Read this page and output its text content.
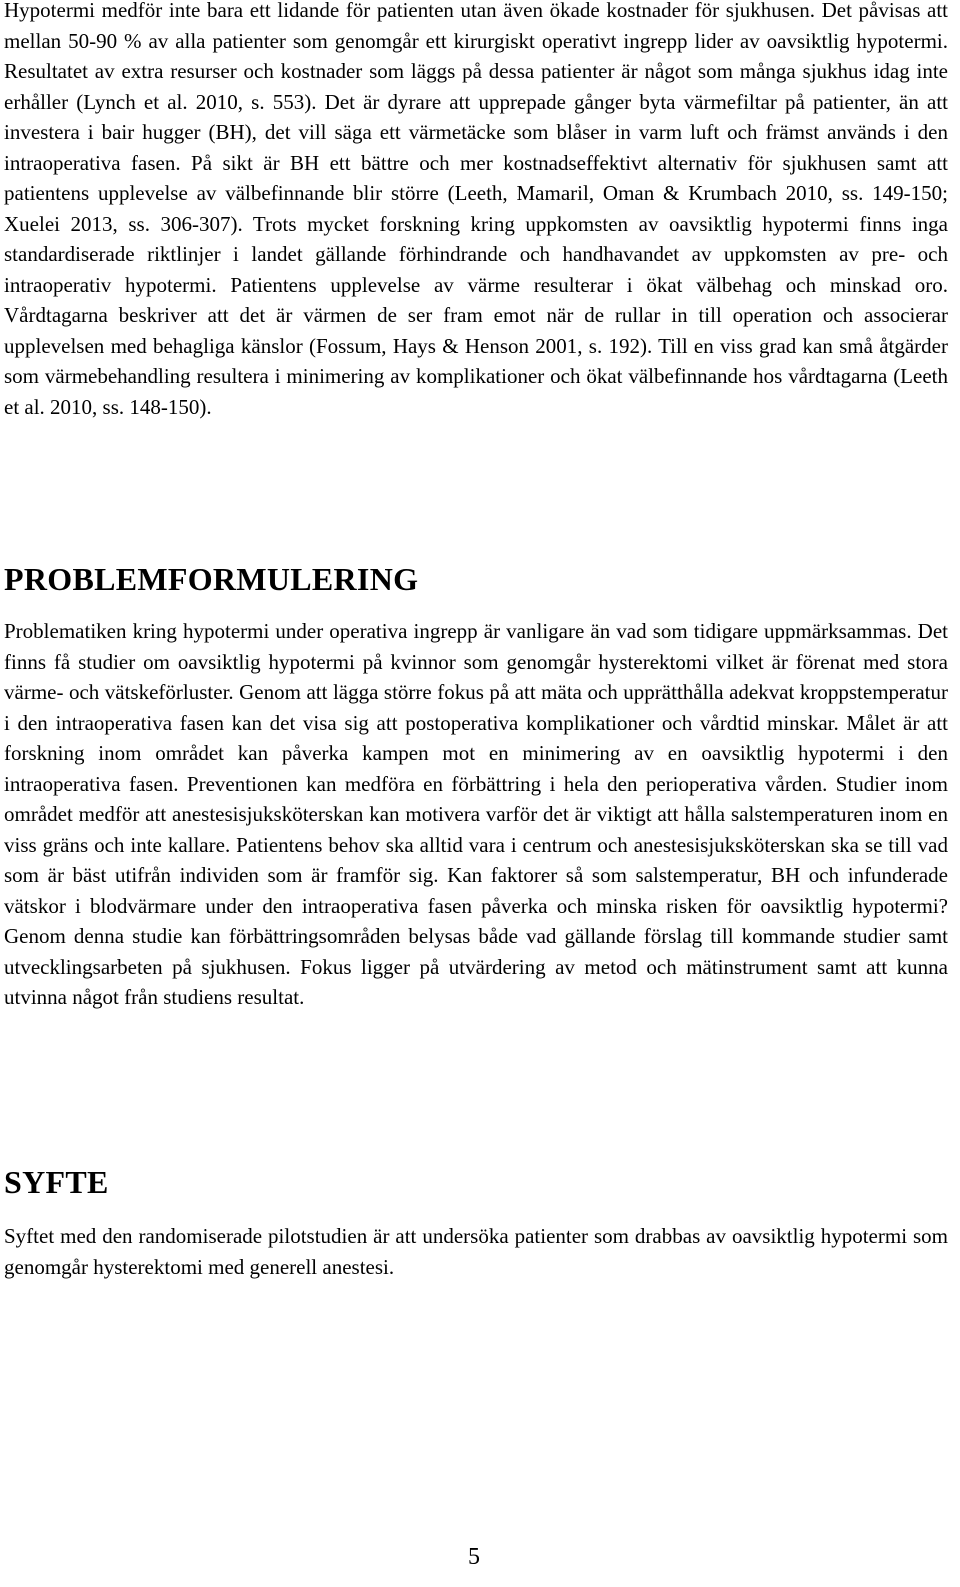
Hypotermi medför inte bara ett lidande för patienten utan även ökade kostnader för sjukhusen. Det påvisas att mellan 50-90 % av alla patienter som genomgår ett kirurgiskt operativt ingrepp lider av oavsiktlig hypotermi. Resultatet av extra resurser och kostnader som läggs på dessa patienter är något som många sjukhus idag inte erhåller (Lynch et al. 2010, s. 553). Det är dyrare att upprepade gånger byta värmefiltar på patienter, än att investera i bair hugger (BH), det vill säga ett värmetäcke som blåser in varm luft och främst används i den intraoperativa fasen. På sikt är BH ett bättre och mer kostnadseffektivt alternativ för sjukhusen samt att patientens upplevelse av välbefinnande blir större (Leeth, Mamaril, Oman & Krumbach 2010, ss. 149-150; Xuelei 2013, ss. 306-307). Trots mycket forskning kring uppkomsten av oavsiktlig hypotermi finns inga standardiserade riktlinjer i landet gällande förhindrande och handhavandet av uppkomsten av pre- och intraoperativ hypotermi. Patientens upplevelse av värme resulterar i ökat välbehag och minskad oro. Vårdtagarna beskriver att det är värmen de ser fram emot när de rullar in till operation och associerar upplevelsen med behagliga känslor (Fossum, Hays & Henson 2001, s. 192). Till en viss grad kan små åtgärder som värmebehandling resultera i minimering av komplikationer och ökat välbefinnande hos vårdtagarna (Leeth et al. 2010, ss. 148-150).

PROBLEMFORMULERING

Problematiken kring hypotermi under operativa ingrepp är vanligare än vad som tidigare uppmärksammas. Det finns få studier om oavsiktlig hypotermi på kvinnor som genomgår hysterektomi vilket är förenat med stora värme- och vätskeförluster. Genom att lägga större fokus på att mäta och upprätthålla adekvat kroppstemperatur i den intraoperativa fasen kan det visa sig att postoperativa komplikationer och vårdtid minskar. Målet är att forskning inom området kan påverka kampen mot en minimering av en oavsiktlig hypotermi i den intraoperativa fasen. Preventionen kan medföra en förbättring i hela den perioperativa vården. Studier inom området medför att anestesisjuksköterskan kan motivera varför det är viktigt att hålla salstemperaturen inom en viss gräns och inte kallare. Patientens behov ska alltid vara i centrum och anestesisjuksköterskan ska se till vad som är bäst utifrån individen som är framför sig. Kan faktorer så som salstemperatur, BH och infunderade vätskor i blodvärmare under den intraoperativa fasen påverka och minska risken för oavsiktlig hypotermi? Genom denna studie kan förbättringsområden belysas både vad gällande förslag till kommande studier samt utvecklingsarbeten på sjukhusen. Fokus ligger på utvärdering av metod och mätinstrument samt att kunna utvinna något från studiens resultat.

SYFTE

Syftet med den randomiserade pilotstudien är att undersöka patienter som drabbas av oavsiktlig hypotermi som genomgår hysterektomi med generell anestesi.

5
